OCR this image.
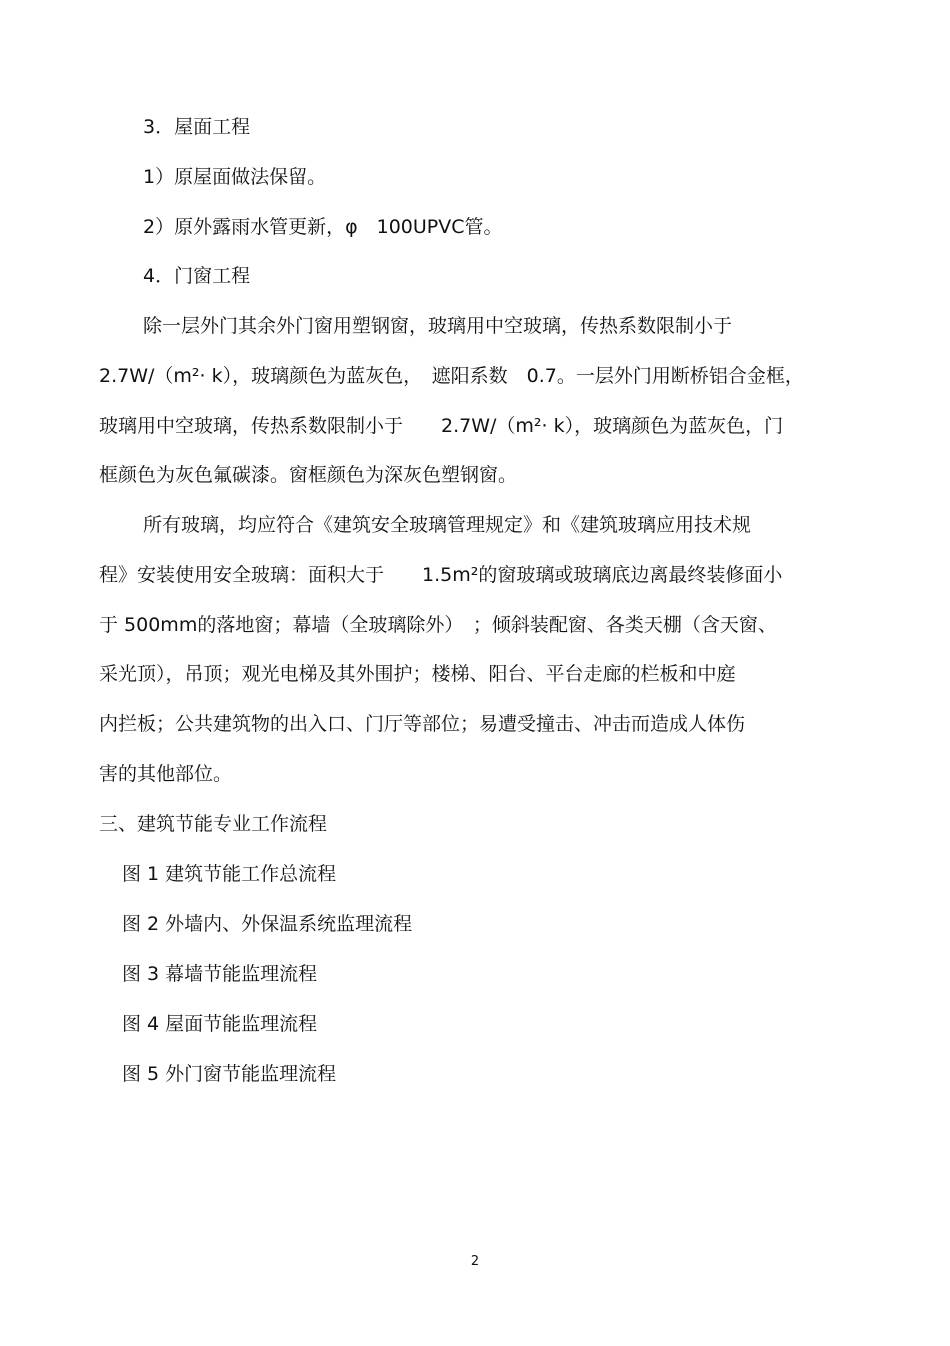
3．屋面工程
1）原屋面做法保留。
2）原外露雨水管更新，φ　100UPVC管。
4．门窗工程
除一层外门其余外门窗用塑钢窗，玻璃用中空玻璃，传热系数限制小于
2.7W/（m²· k），玻璃颜色为蓝灰色，　遮阳系数　0.7。一层外门用断桥铝合金框，
玻璃用中空玻璃，传热系数限制小于　　2.7W/（m²· k），玻璃颜色为蓝灰色，门
框颜色为灰色氟碳漆。窗框颜色为深灰色塑钢窗。
所有玻璃，均应符合《建筑安全玻璃管理规定》和《建筑玻璃应用技术规
程》安装使用安全玻璃：面积大于　　1.5m²的窗玻璃或玻璃底边离最终装修面小
于 500mm的落地窗；幕墙（全玻璃除外）　；倾斜装配窗、各类天棚（含天窗、
采光顶），吊顶；观光电梯及其外围护；楼梯、阳台、平台走廊的栏板和中庭
内拦板；公共建筑物的出入口、门厅等部位；易遭受撞击、冲击而造成人体伤
害的其他部位。
三、建筑节能专业工作流程
图 1 建筑节能工作总流程
图 2 外墙内、外保温系统监理流程
图 3 幕墙节能监理流程
图 4 屋面节能监理流程
图 5 外门窗节能监理流程
2
